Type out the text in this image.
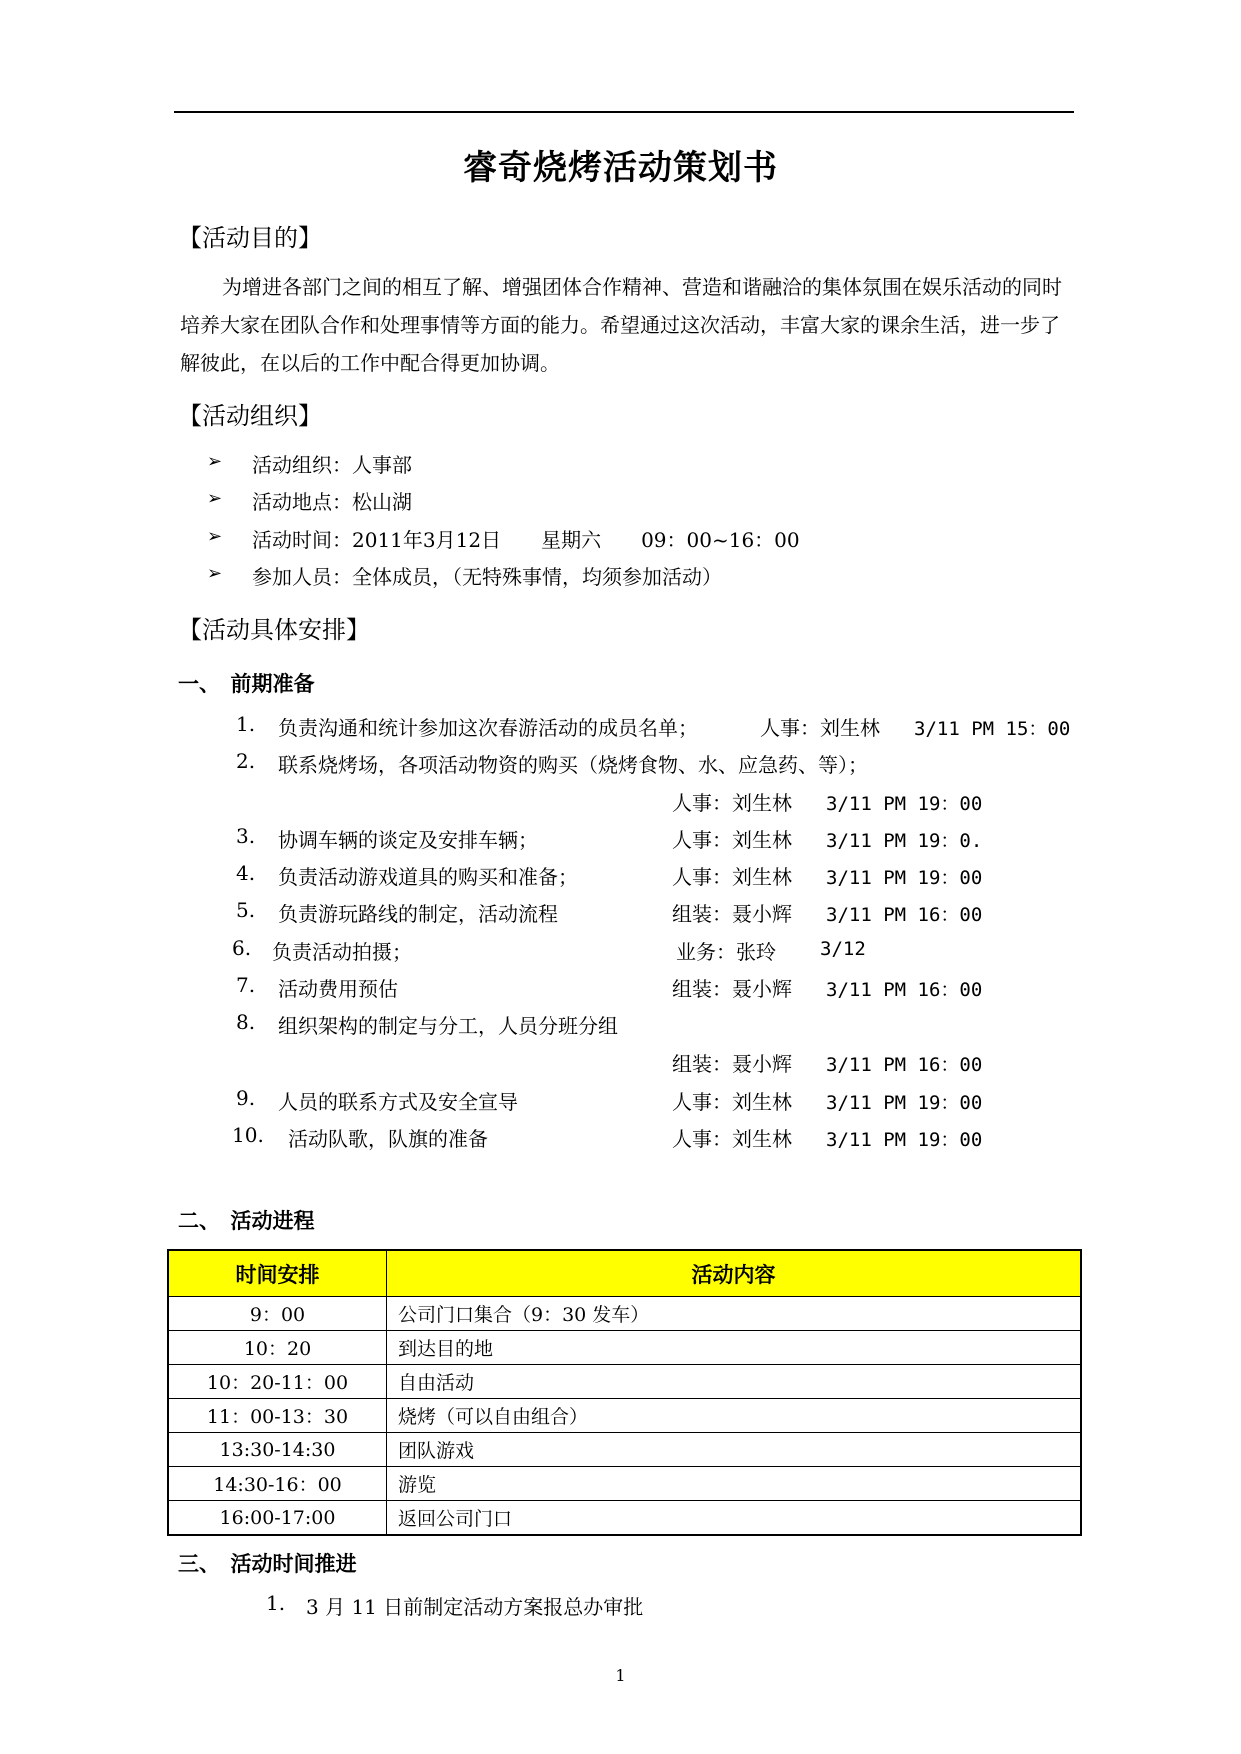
睿奇烧烤活动策划书
【活动目的】
为增进各部门之间的相互了解、增强团体合作精神、营造和谐融洽的集体氛围在娱乐活动的同时培养大家在团队合作和处理事情等方面的能力。希望通过这次活动，丰富大家的课余生活，进一步了解彼此，在以后的工作中配合得更加协调。
【活动组织】
➢ 活动组织：人事部
➢ 活动地点：松山湖
➢ 活动时间：2011年3月12日　　星期六　　09：00~16：00
➢ 参加人员：全体成员，（无特殊事情，均须参加活动）
【活动具体安排】
一、　前期准备
1. 负责沟通和统计参加这次春游活动的成员名单；	人事：刘生林 3/11 PM 15：00
2. 联系烧烤场，各项活动物资的购买（烧烤食物、水、应急药、等）；
人事：刘生林 3/11 PM 19：00
3. 协调车辆的谈定及安排车辆；	人事：刘生林 3/11 PM 19：0.
4. 负责活动游戏道具的购买和准备；	人事：刘生林 3/11 PM 19：00
5. 负责游玩路线的制定，活动流程	组装：聂小辉 3/11 PM 16：00
6. 负责活动拍摄；	业务：张玲 3/12
7. 活动费用预估	组装：聂小辉 3/11 PM 16：00
8. 组织架构的制定与分工，人员分班分组
组装：聂小辉 3/11 PM 16：00
9. 人员的联系方式及安全宣导	人事：刘生林 3/11 PM 19：00
10. 活动队歌，队旗的准备	人事：刘生林 3/11 PM 19：00
二、　活动进程
时间安排	活动内容
9：00	公司门口集合（9：30 发车）
10：20	到达目的地
10：20-11：00	自由活动
11：00-13：30	烧烤（可以自由组合）
13:30-14:30	团队游戏
14:30-16：00	游览
16:00-17:00	返回公司门口
三、　活动时间推进
1. 3 月 11 日前制定活动方案报总办审批
1
